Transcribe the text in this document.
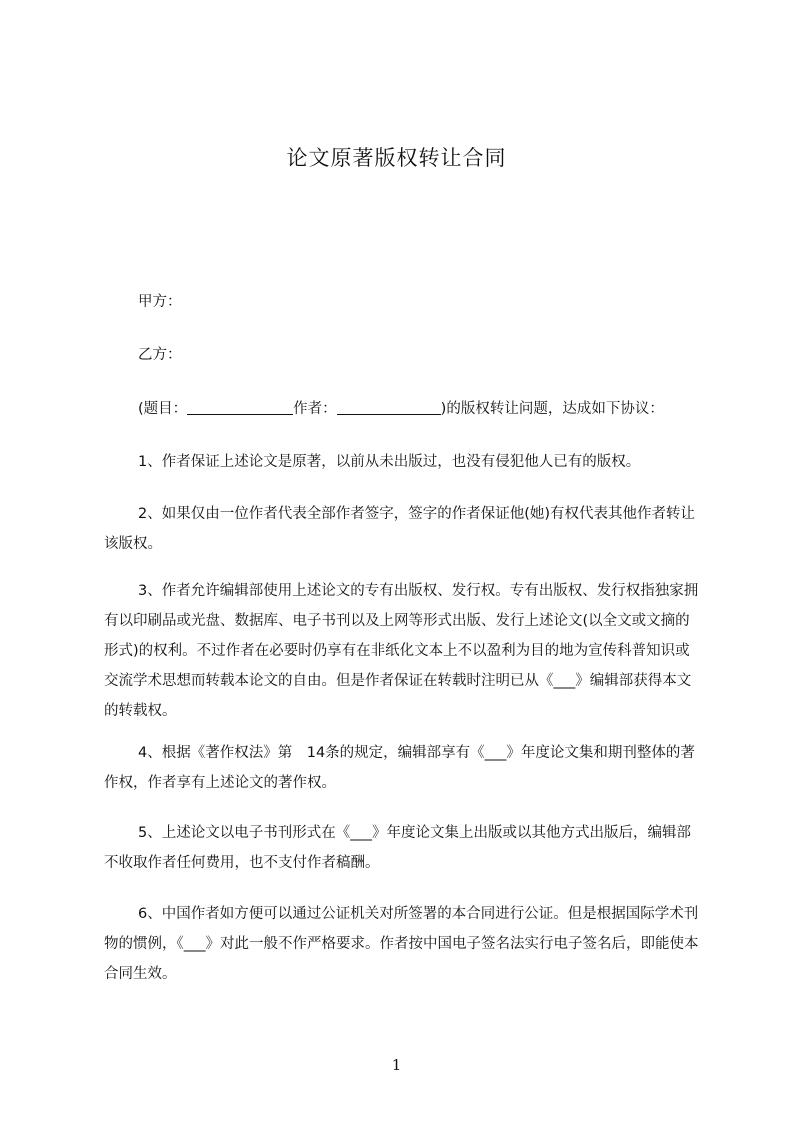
论文原著版权转让合同
甲方：
乙方：
(题目：	作者：	)的版权转让问题，达成如下协议：
1、作者保证上述论文是原著，以前从未出版过，也没有侵犯他人已有的版权。
2、如果仅由一位作者代表全部作者签字，签字的作者保证他(她)有权代表其他作者转让该版权。
3、作者允许编辑部使用上述论文的专有出版权、发行权。专有出版权、发行权指独家拥有以印刷品或光盘、数据库、电子书刊以及上网等形式出版、发行上述论文(以全文或文摘的形式)的权利。不过作者在必要时仍享有在非纸化文本上不以盈利为目的地为宣传科普知识或交流学术思想而转载本论文的自由。但是作者保证在转载时注明已从《___》编辑部获得本文的转载权。
4、根据《著作权法》第　14条的规定，编辑部享有《___》年度论文集和期刊整体的著作权，作者享有上述论文的著作权。
5、上述论文以电子书刊形式在《___》年度论文集上出版或以其他方式出版后，编辑部不收取作者任何费用，也不支付作者稿酬。
6、中国作者如方便可以通过公证机关对所签署的本合同进行公证。但是根据国际学术刊物的惯例，《___》对此一般不作严格要求。作者按中国电子签名法实行电子签名后，即能使本合同生效。
1
